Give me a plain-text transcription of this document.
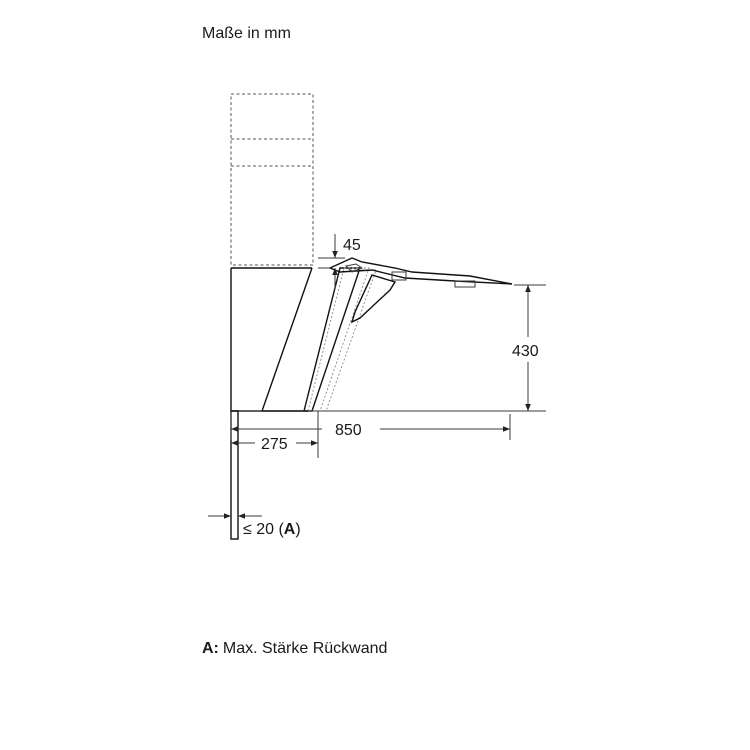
Maße in mm
45
430
850
275
≤ 20 (A)
A: Max. Stärke Rückwand
